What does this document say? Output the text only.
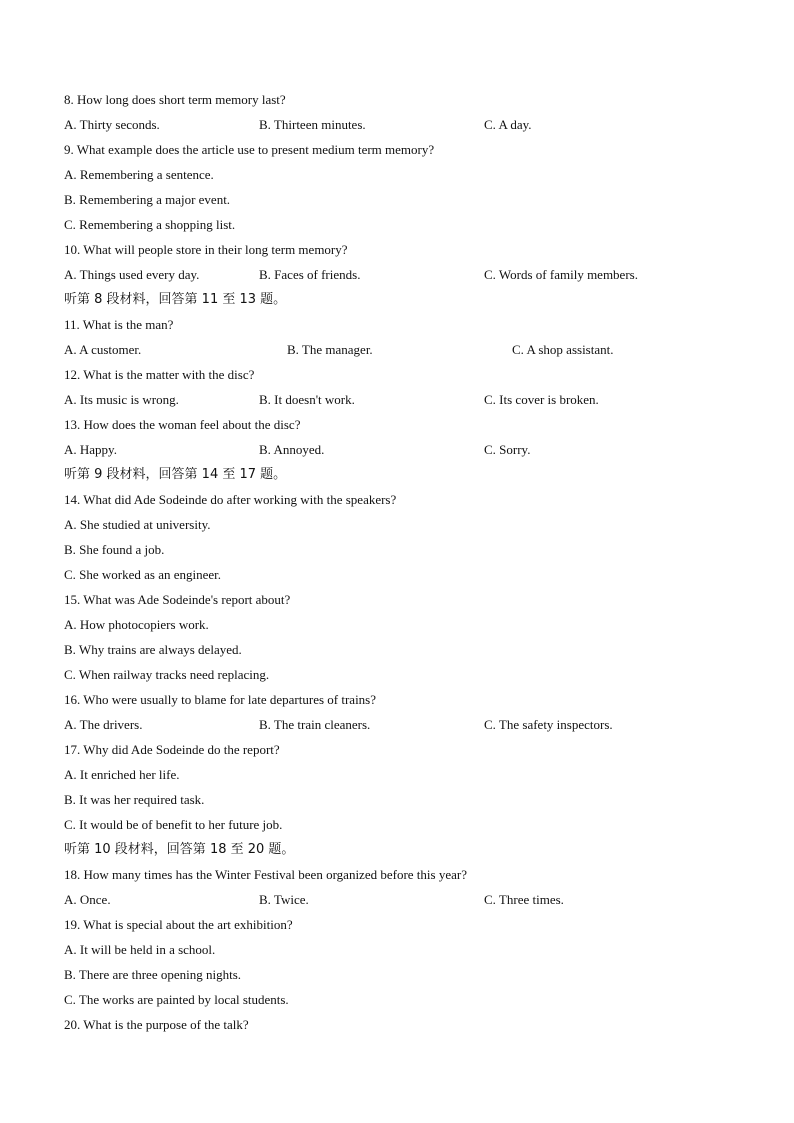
8. How long does short term memory last?
A. Thirty seconds.	B. Thirteen minutes.	C. A day.
9. What example does the article use to present medium term memory?
A. Remembering a sentence.
B. Remembering a major event.
C. Remembering a shopping list.
10. What will people store in their long term memory?
A. Things used every day.	B. Faces of friends.	C. Words of family members.
听第 8 段材料，回答第 11 至 13 题。
11. What is the man?
A. A customer.	B. The manager.	C. A shop assistant.
12. What is the matter with the disc?
A. Its music is wrong.	B. It doesn't work.	C. Its cover is broken.
13. How does the woman feel about the disc?
A. Happy.	B. Annoyed.	C. Sorry.
听第 9 段材料，回答第 14 至 17 题。
14. What did Ade Sodeinde do after working with the speakers?
A. She studied at university.
B. She found a job.
C. She worked as an engineer.
15. What was Ade Sodeinde's report about?
A. How photocopiers work.
B. Why trains are always delayed.
C. When railway tracks need replacing.
16. Who were usually to blame for late departures of trains?
A. The drivers.	B. The train cleaners.	C. The safety inspectors.
17. Why did Ade Sodeinde do the report?
A. It enriched her life.
B. It was her required task.
C. It would be of benefit to her future job.
听第 10 段材料，回答第 18 至 20 题。
18. How many times has the Winter Festival been organized before this year?
A. Once.	B. Twice.	C. Three times.
19. What is special about the art exhibition?
A. It will be held in a school.
B. There are three opening nights.
C. The works are painted by local students.
20. What is the purpose of the talk?
